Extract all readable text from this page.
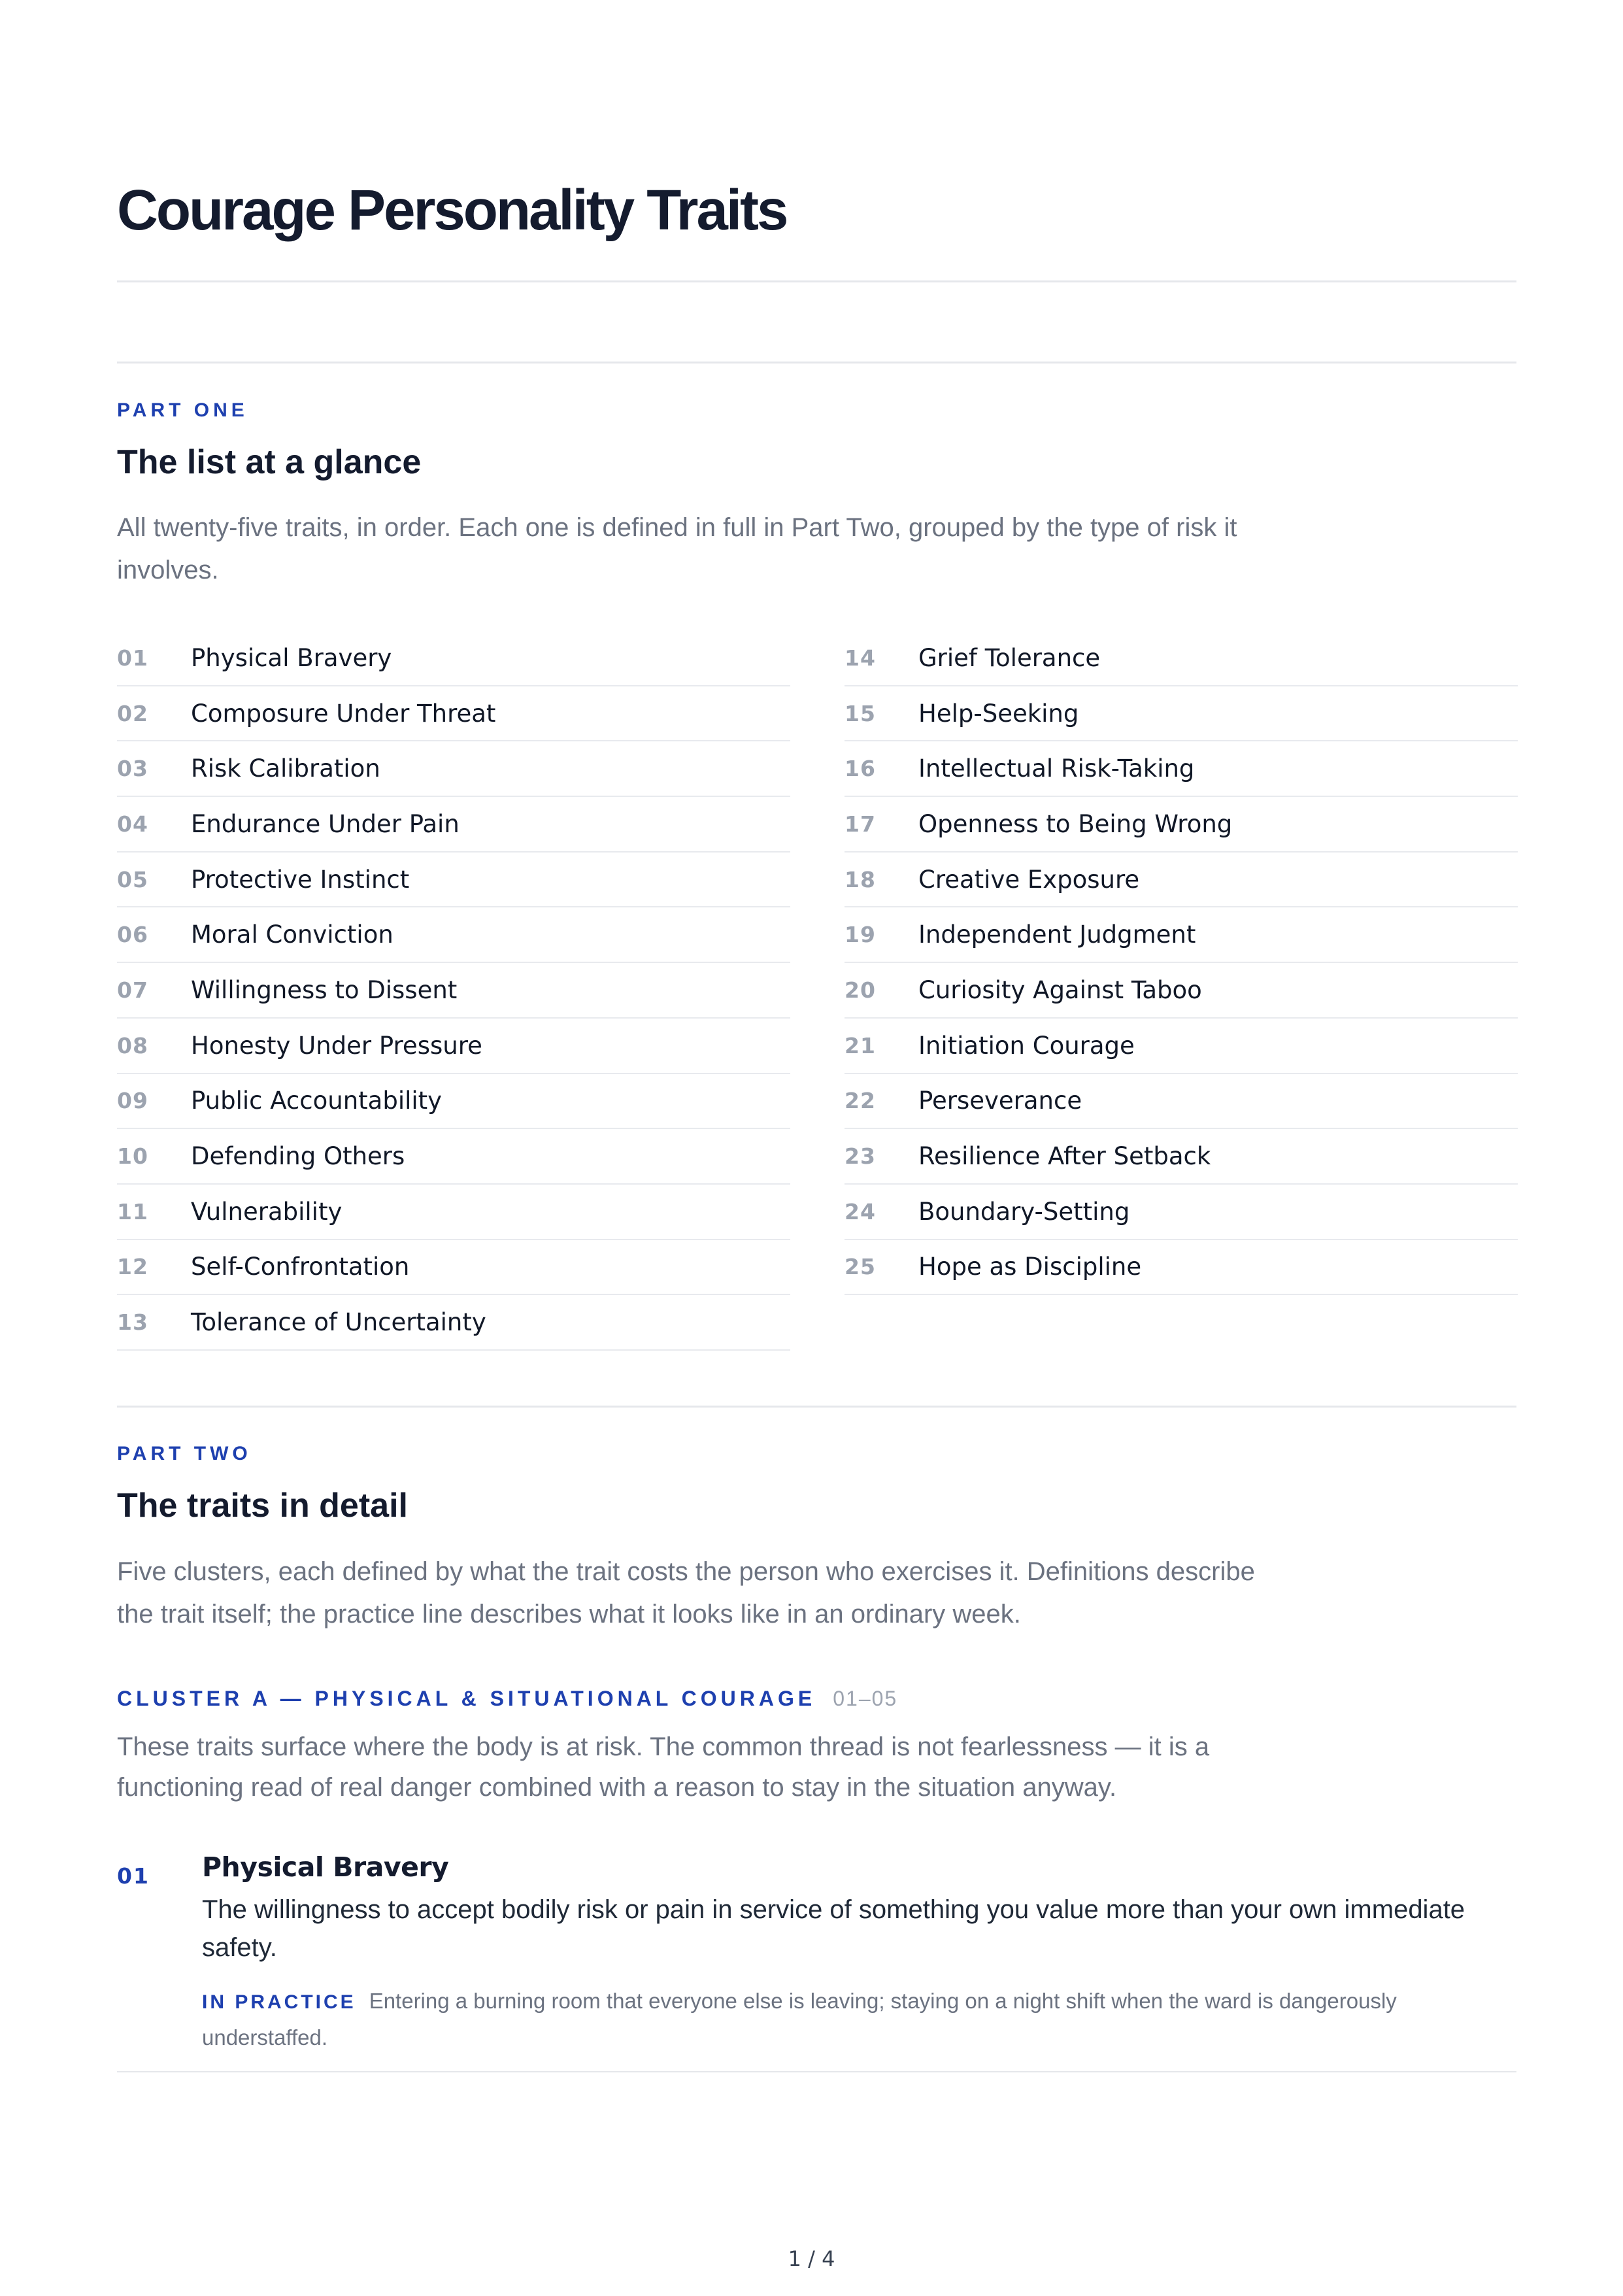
Courage Personality Traits
PART ONE
The list at a glance

All twenty-five traits, in order. Each one is defined in full in Part Two, grouped by the type of risk it involves.

01	Physical Bravery
02	Composure Under Threat
03	Risk Calibration
04	Endurance Under Pain
05	Protective Instinct
06	Moral Conviction
07	Willingness to Dissent
08	Honesty Under Pressure
09	Public Accountability
10	Defending Others
11	Vulnerability
12	Self-Confrontation
13	Tolerance of Uncertainty
14	Grief Tolerance
15	Help-Seeking
16	Intellectual Risk-Taking
17	Openness to Being Wrong
18	Creative Exposure
19	Independent Judgment
20	Curiosity Against Taboo
21	Initiation Courage
22	Perseverance
23	Resilience After Setback
24	Boundary-Setting
25	Hope as Discipline
PART TWO
The traits in detail

Five clusters, each defined by what the trait costs the person who exercises it. Definitions describe the trait itself; the practice line describes what it looks like in an ordinary week.

CLUSTER A — PHYSICAL & SITUATIONAL COURAGE 01–05

These traits surface where the body is at risk. The common thread is not fearlessness — it is a functioning read of real danger combined with a reason to stay in the situation anyway.

01 Physical Bravery

The willingness to accept bodily risk or pain in service of something you value more than your own immediate safety.

IN PRACTICE Entering a burning room that everyone else is leaving; staying on a night shift when the ward is dangerously understaffed.

1 / 4
